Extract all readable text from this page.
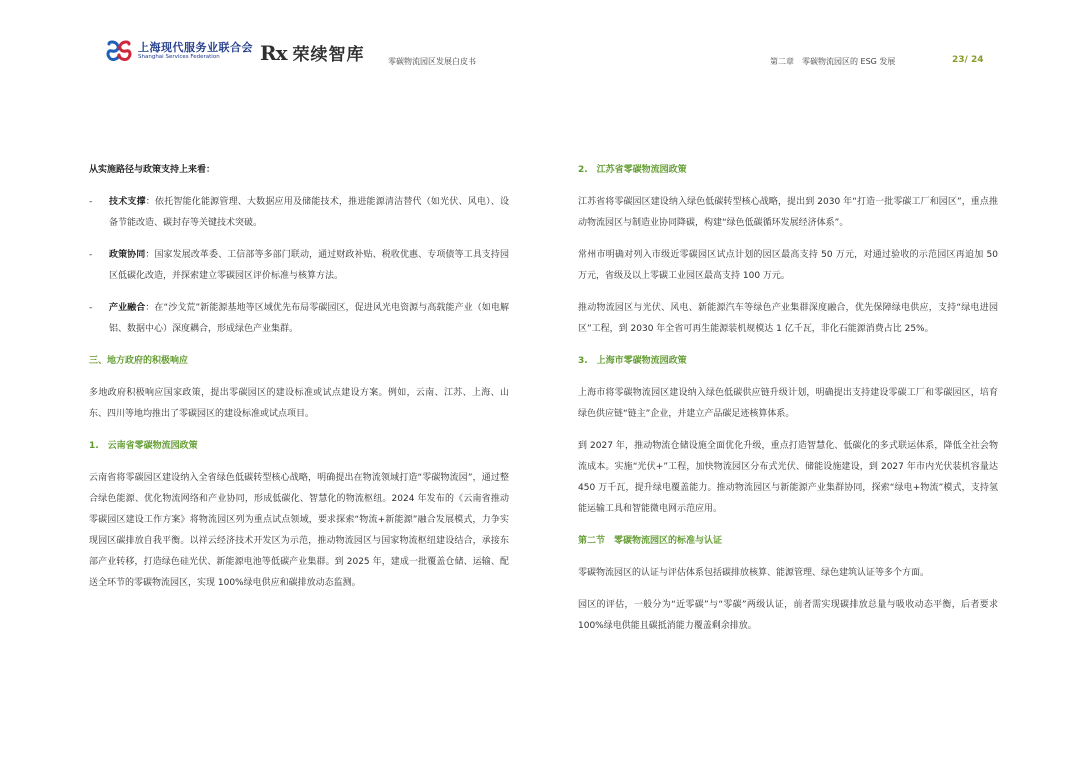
上海现代服务业联合会
Shanghai Services Federation	Rx 荣续智库	零碳物流园区发展白皮书	第二章　零碳物流园区的 ESG 发展	23/ 24

从实施路径与政策支持上来看：

-	技术支撑：依托智能化能源管理、大数据应用及储能技术，推进能源清洁替代（如光伏、风电）、设备节能改造、碳封存等关键技术突破。
-	政策协同：国家发展改革委、工信部等多部门联动，通过财政补贴、税收优惠、专项债等工具支持园区低碳化改造，并探索建立零碳园区评价标准与核算方法。
-	产业融合：在“沙戈荒”新能源基地等区域优先布局零碳园区，促进风光电资源与高载能产业（如电解铝、数据中心）深度耦合，形成绿色产业集群。

三、地方政府的积极响应

多地政府积极响应国家政策，提出零碳园区的建设标准或试点建设方案。例如，云南、江苏、上海、山东、四川等地均推出了零碳园区的建设标准或试点项目。

1.　云南省零碳物流园政策

云南省将零碳园区建设纳入全省绿色低碳转型核心战略，明确提出在物流领域打造“零碳物流园”，通过整合绿色能源、优化物流网络和产业协同，形成低碳化、智慧化的物流枢纽。2024 年发布的《云南省推动零碳园区建设工作方案》将物流园区列为重点试点领域，要求探索“物流+新能源”融合发展模式，力争实现园区碳排放自我平衡。以祥云经济技术开发区为示范，推动物流园区与国家物流枢纽建设结合，承接东部产业转移，打造绿色硅光伏、新能源电池等低碳产业集群。到 2025 年，建成一批覆盖仓储、运输、配送全环节的零碳物流园区，实现 100%绿电供应和碳排放动态监测。

2.　江苏省零碳物流园政策

江苏省将零碳园区建设纳入绿色低碳转型核心战略，提出到 2030 年“打造一批零碳工厂和园区”，重点推动物流园区与制造业协同降碳，构建“绿色低碳循环发展经济体系”。

常州市明确对列入市级近零碳园区试点计划的园区最高支持 50 万元，对通过验收的示范园区再追加 50 万元，省级及以上零碳工业园区最高支持 100 万元。

推动物流园区与光伏、风电、新能源汽车等绿色产业集群深度融合，优先保障绿电供应，支持“绿电进园区”工程，到 2030 年全省可再生能源装机规模达 1 亿千瓦，非化石能源消费占比 25%。

3.　上海市零碳物流园政策

上海市将零碳物流园区建设纳入绿色低碳供应链升级计划，明确提出支持建设零碳工厂和零碳园区，培育绿色供应链“链主”企业，并建立产品碳足迹核算体系。

到 2027 年，推动物流仓储设施全面优化升级，重点打造智慧化、低碳化的多式联运体系，降低全社会物流成本。实施“光伏+”工程，加快物流园区分布式光伏、储能设施建设，到 2027 年市内光伏装机容量达 450 万千瓦，提升绿电覆盖能力。推动物流园区与新能源产业集群协同，探索“绿电+物流”模式，支持氢能运输工具和智能微电网示范应用。

第二节　零碳物流园区的标准与认证

零碳物流园区的认证与评估体系包括碳排放核算、能源管理、绿色建筑认证等多个方面。

园区的评估，一般分为“近零碳”与“零碳”两级认证，前者需实现碳排放总量与吸收动态平衡，后者要求 100%绿电供能且碳抵消能力覆盖剩余排放。
